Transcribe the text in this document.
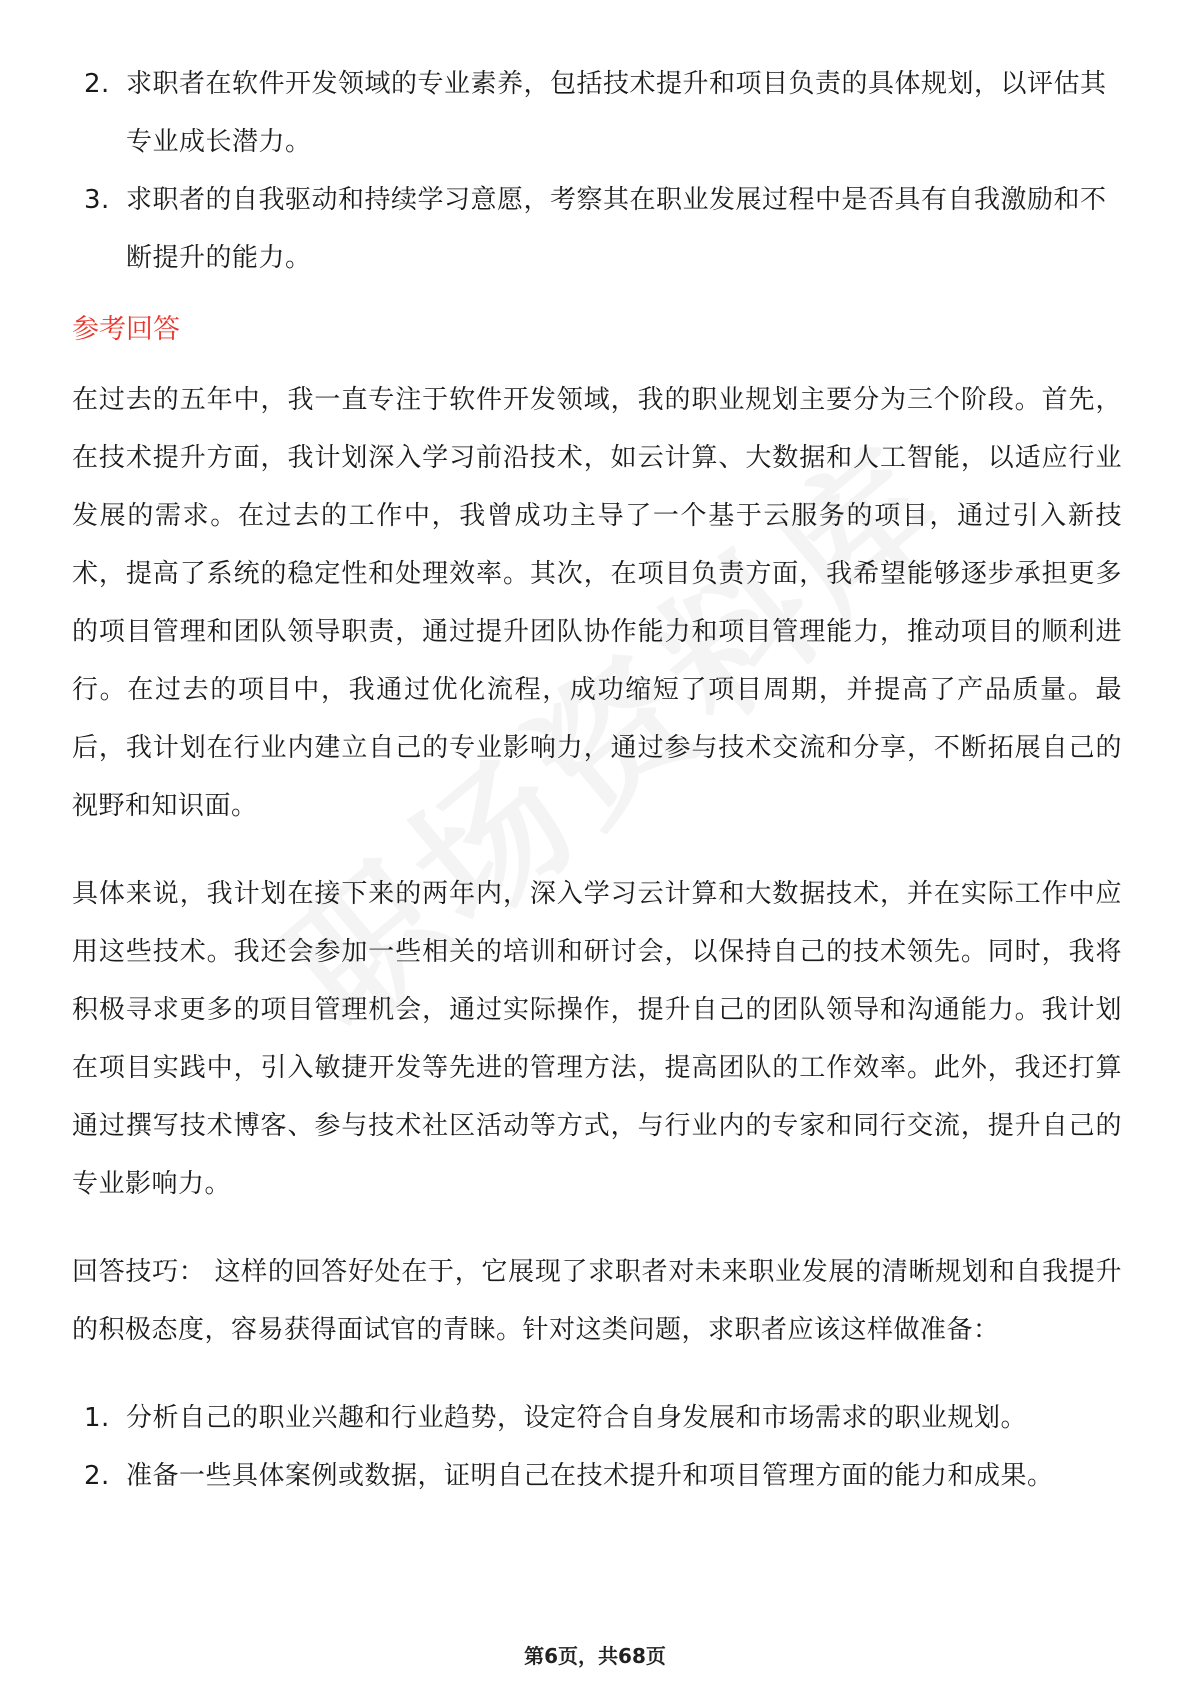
2. 求职者在软件开发领域的专业素养，包括技术提升和项目负责的具体规划，以评估其专业成长潜力。
3. 求职者的自我驱动和持续学习意愿，考察其在职业发展过程中是否具有自我激励和不断提升的能力。
参考回答

在过去的五年中，我一直专注于软件开发领域，我的职业规划主要分为三个阶段。首先，在技术提升方面，我计划深入学习前沿技术，如云计算、大数据和人工智能，以适应行业发展的需求。在过去的工作中，我曾成功主导了一个基于云服务的项目，通过引入新技术，提高了系统的稳定性和处理效率。其次，在项目负责方面，我希望能够逐步承担更多的项目管理和团队领导职责，通过提升团队协作能力和项目管理能力，推动项目的顺利进行。在过去的项目中，我通过优化流程，成功缩短了项目周期，并提高了产品质量。最后，我计划在行业内建立自己的专业影响力，通过参与技术交流和分享，不断拓展自己的视野和知识面。

具体来说，我计划在接下来的两年内，深入学习云计算和大数据技术，并在实际工作中应用这些技术。我还会参加一些相关的培训和研讨会，以保持自己的技术领先。同时，我将积极寻求更多的项目管理机会，通过实际操作，提升自己的团队领导和沟通能力。我计划在项目实践中，引入敏捷开发等先进的管理方法，提高团队的工作效率。此外，我还打算通过撰写技术博客、参与技术社区活动等方式，与行业内的专家和同行交流，提升自己的专业影响力。

回答技巧： 这样的回答好处在于，它展现了求职者对未来职业发展的清晰规划和自我提升的积极态度，容易获得面试官的青睐。针对这类问题，求职者应该这样做准备：

1. 分析自己的职业兴趣和行业趋势，设定符合自身发展和市场需求的职业规划。
2. 准备一些具体案例或数据，证明自己在技术提升和项目管理方面的能力和成果。
第6页，共68页
